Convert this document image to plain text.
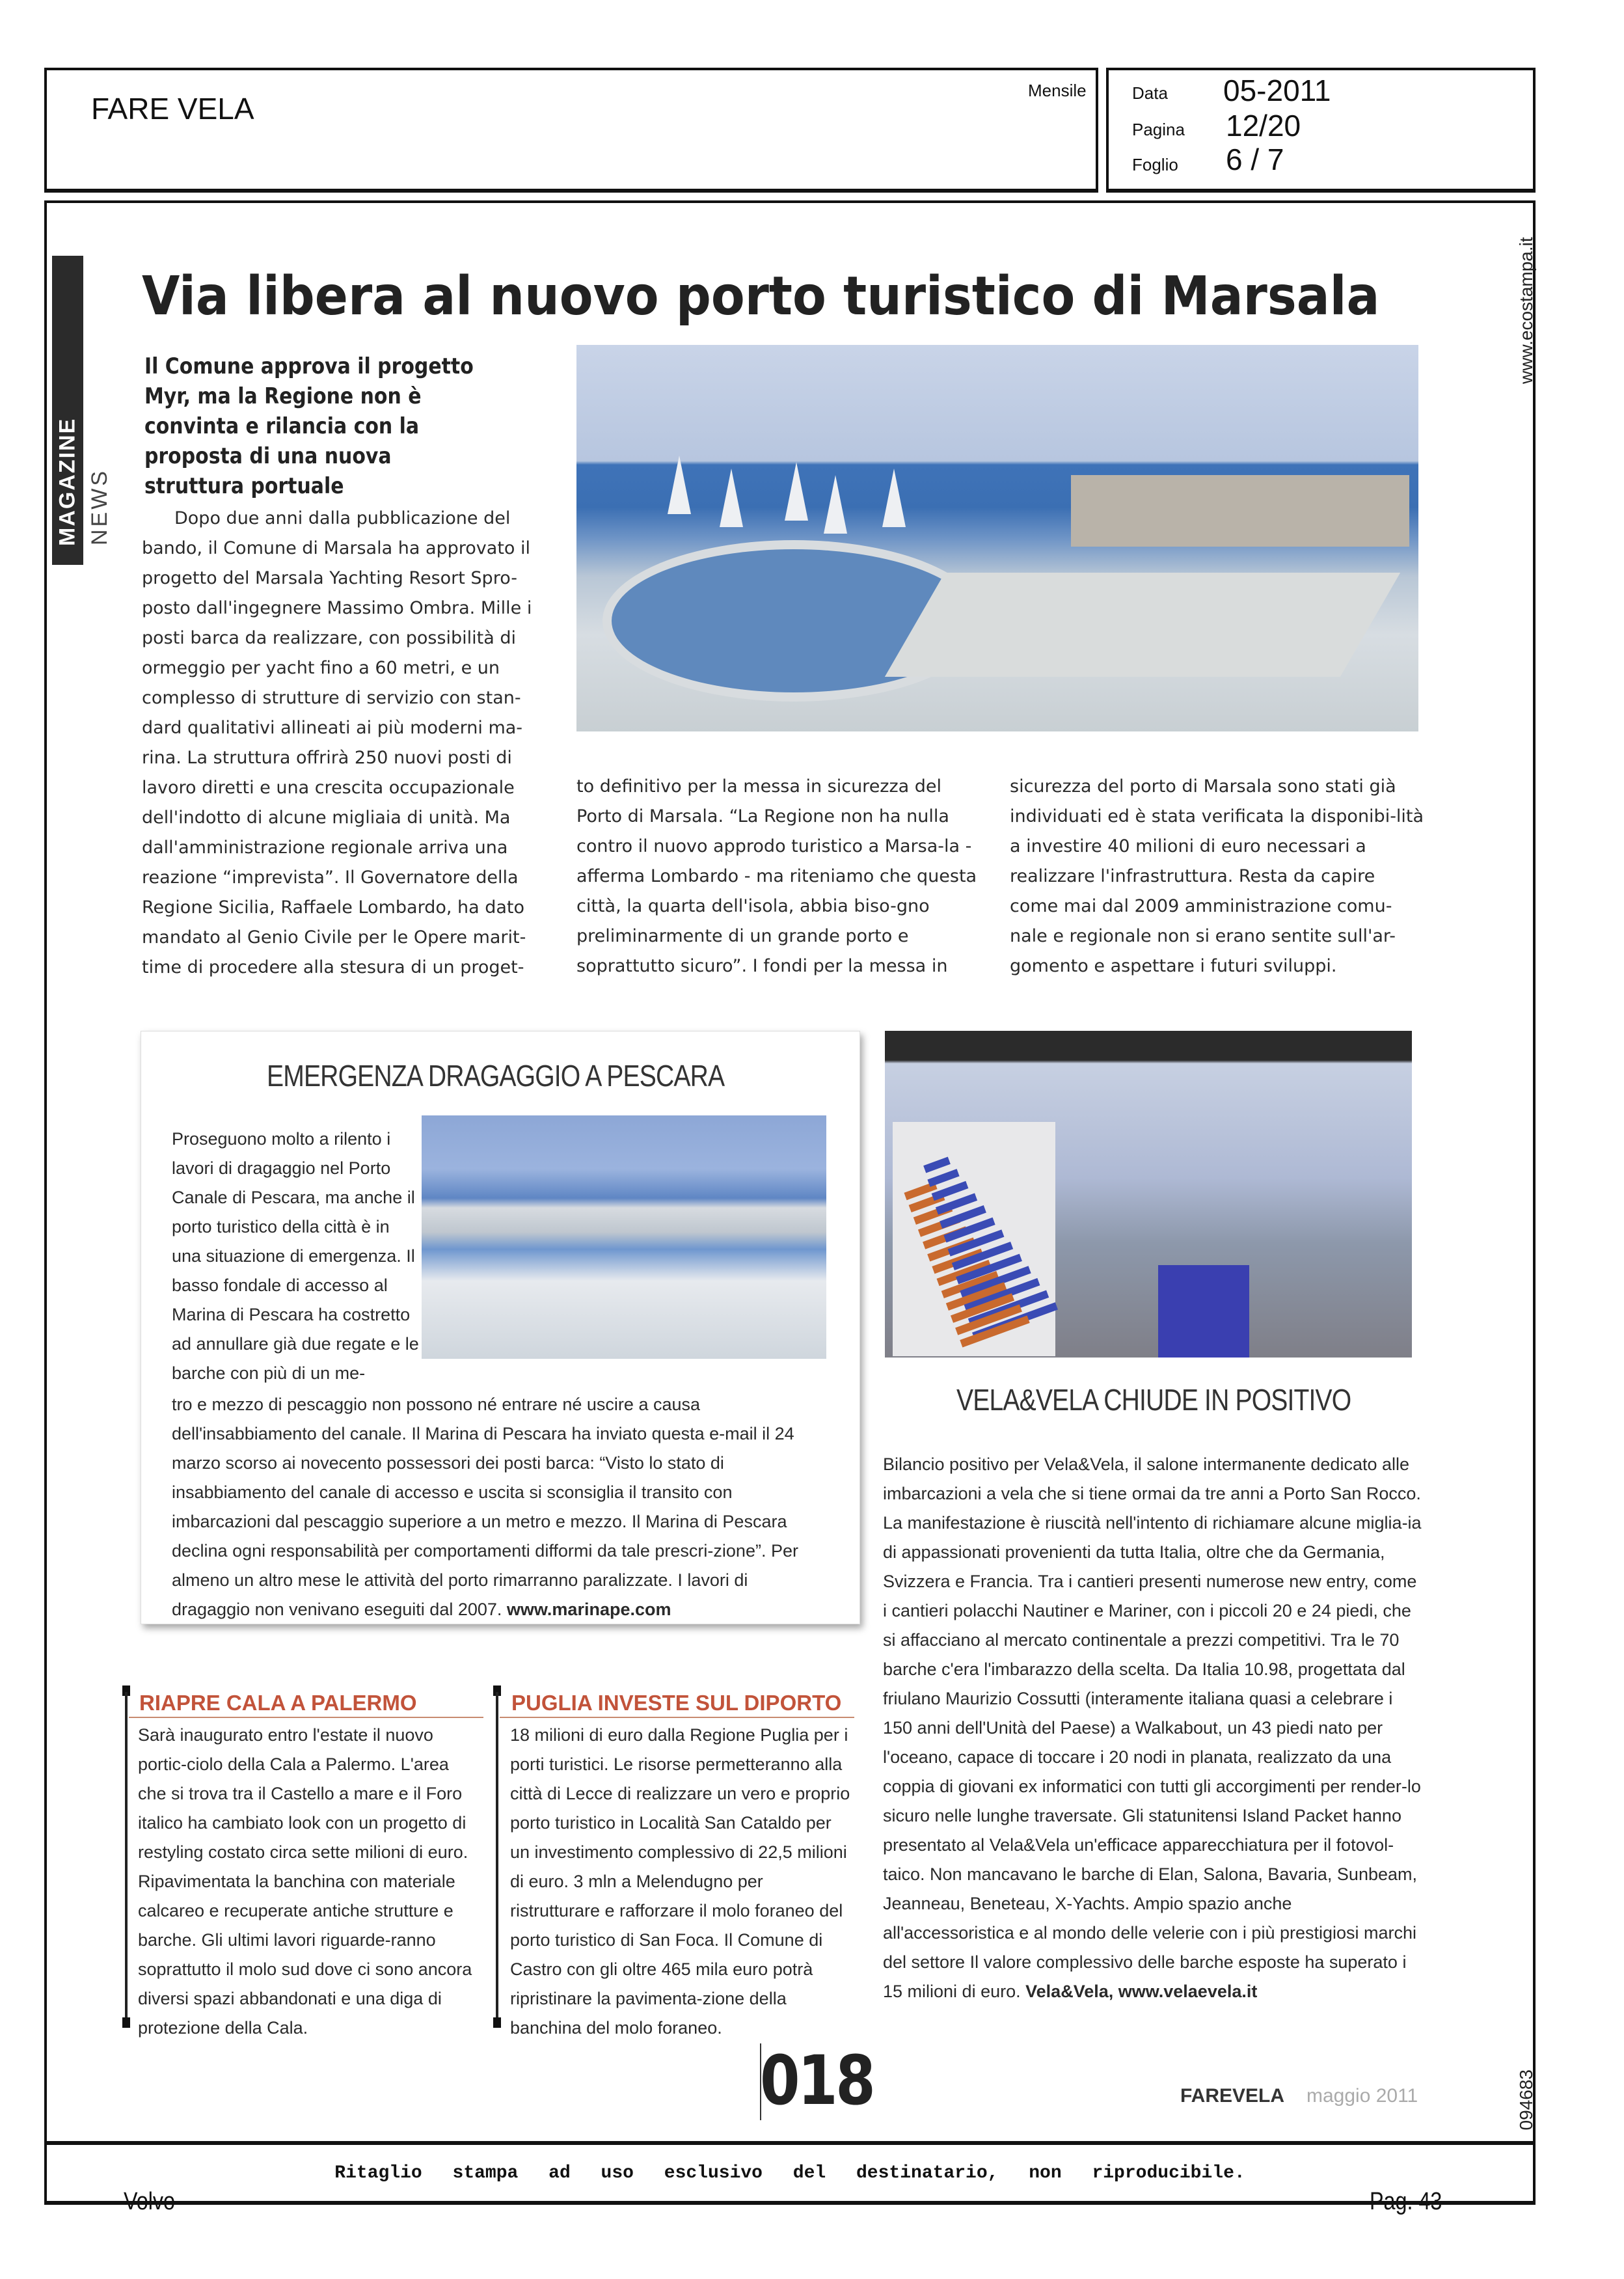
FARE VELA
Mensile	Data 05-2011
Pagina 12/20
Foglio 6 / 7
www.ecostampa.it
094683
MAGAZINE NEWS
Via libera al nuovo porto turistico di Marsala
Il Comune approva il progetto Myr, ma la Regione non è convinta e rilancia con la proposta di una nuova struttura portuale
Dopo due anni dalla pubblicazione del bando, il Comune di Marsala ha approvato il progetto del Marsala Yachting Resort Spro-posto dall'ingegnere Massimo Ombra. Mille i posti barca da realizzare, con possibilità di ormeggio per yacht fino a 60 metri, e un complesso di strutture di servizio con stan-dard qualitativi allineati ai più moderni ma-rina. La struttura offrirà 250 nuovi posti di lavoro diretti e una crescita occupazionale dell'indotto di alcune migliaia di unità. Ma dall'amministrazione regionale arriva una reazione “imprevista”. Il Governatore della Regione Sicilia, Raffaele Lombardo, ha dato mandato al Genio Civile per le Opere marit-time di procedere alla stesura di un proget-
to definitivo per la messa in sicurezza del Porto di Marsala. “La Regione non ha nulla contro il nuovo approdo turistico a Marsa-la - afferma Lombardo - ma riteniamo che questa città, la quarta dell'isola, abbia biso-gno preliminarmente di un grande porto e soprattutto sicuro”. I fondi per la messa in
sicurezza del porto di Marsala sono stati già individuati ed è stata verificata la disponibi-lità a investire 40 milioni di euro necessari a realizzare l'infrastruttura. Resta da capire come mai dal 2009 amministrazione comu-nale e regionale non si erano sentite sull'ar-gomento e aspettare i futuri sviluppi.
EMERGENZA DRAGAGGIO A PESCARA
Proseguono molto a rilento i lavori di dragaggio nel Porto Canale di Pescara, ma anche il porto turistico della città è in una situazione di emergenza. Il basso fondale di accesso al Marina di Pescara ha costretto ad annullare già due regate e le barche con più di un me-
tro e mezzo di pescaggio non possono né entrare né uscire a causa dell'insabbiamento del canale. Il Marina di Pescara ha inviato questa e-mail il 24 marzo scorso ai novecento possessori dei posti barca: “Visto lo stato di insabbiamento del canale di accesso e uscita si sconsiglia il transito con imbarcazioni dal pescaggio superiore a un metro e mezzo. Il Marina di Pescara declina ogni responsabilità per comportamenti difformi da tale prescri-zione”. Per almeno un altro mese le attività del porto rimarranno paralizzate. I lavori di dragaggio non venivano eseguiti dal 2007. www.marinape.com
VELA&VELA CHIUDE IN POSITIVO
Bilancio positivo per Vela&Vela, il salone intermanente dedicato alle imbarcazioni a vela che si tiene ormai da tre anni a Porto San Rocco. La manifestazione è riuscità nell'intento di richiamare alcune miglia-ia di appassionati provenienti da tutta Italia, oltre che da Germania, Svizzera e Francia. Tra i cantieri presenti numerose new entry, come i cantieri polacchi Nautiner e Mariner, con i piccoli 20 e 24 piedi, che si affacciano al mercato continentale a prezzi competitivi. Tra le 70 barche c'era l'imbarazzo della scelta. Da Italia 10.98, progettata dal friulano Maurizio Cossutti (interamente italiana quasi a celebrare i 150 anni dell'Unità del Paese) a Walkabout, un 43 piedi nato per l'oceano, capace di toccare i 20 nodi in planata, realizzato da una coppia di giovani ex informatici con tutti gli accorgimenti per render-lo sicuro nelle lunghe traversate. Gli statunitensi Island Packet hanno presentato al Vela&Vela un'efficace apparecchiatura per il fotovol-taico. Non mancavano le barche di Elan, Salona, Bavaria, Sunbeam, Jeanneau, Beneteau, X-Yachts. Ampio spazio anche all'accessoristica e al mondo delle velerie con i più prestigiosi marchi del settore Il valore complessivo delle barche esposte ha superato i 15 milioni di euro. Vela&Vela, www.velaevela.it
RIAPRE CALA A PALERMO
Sarà inaugurato entro l'estate il nuovo portic-ciolo della Cala a Palermo. L'area che si trova tra il Castello a mare e il Foro italico ha cambiato look con un progetto di restyling costato circa sette milioni di euro. Ripavimentata la banchina con materiale calcareo e recuperate antiche strutture e barche. Gli ultimi lavori riguarde-ranno soprattutto il molo sud dove ci sono ancora diversi spazi abbandonati e una diga di protezione della Cala.
PUGLIA INVESTE SUL DIPORTO
18 milioni di euro dalla Regione Puglia per i porti turistici. Le risorse permetteranno alla città di Lecce di realizzare un vero e proprio porto turistico in Località San Cataldo per un investimento complessivo di 22,5 milioni di euro. 3 mln a Melendugno per ristrutturare e rafforzare il molo foraneo del porto turistico di San Foca. Il Comune di Castro con gli oltre 465 mila euro potrà ripristinare la pavimenta-zione della banchina del molo foraneo.
018	FAREVELA maggio 2011
Ritaglio stampa ad uso esclusivo del destinatario, non riproducibile.
Volvo	Pag. 43
